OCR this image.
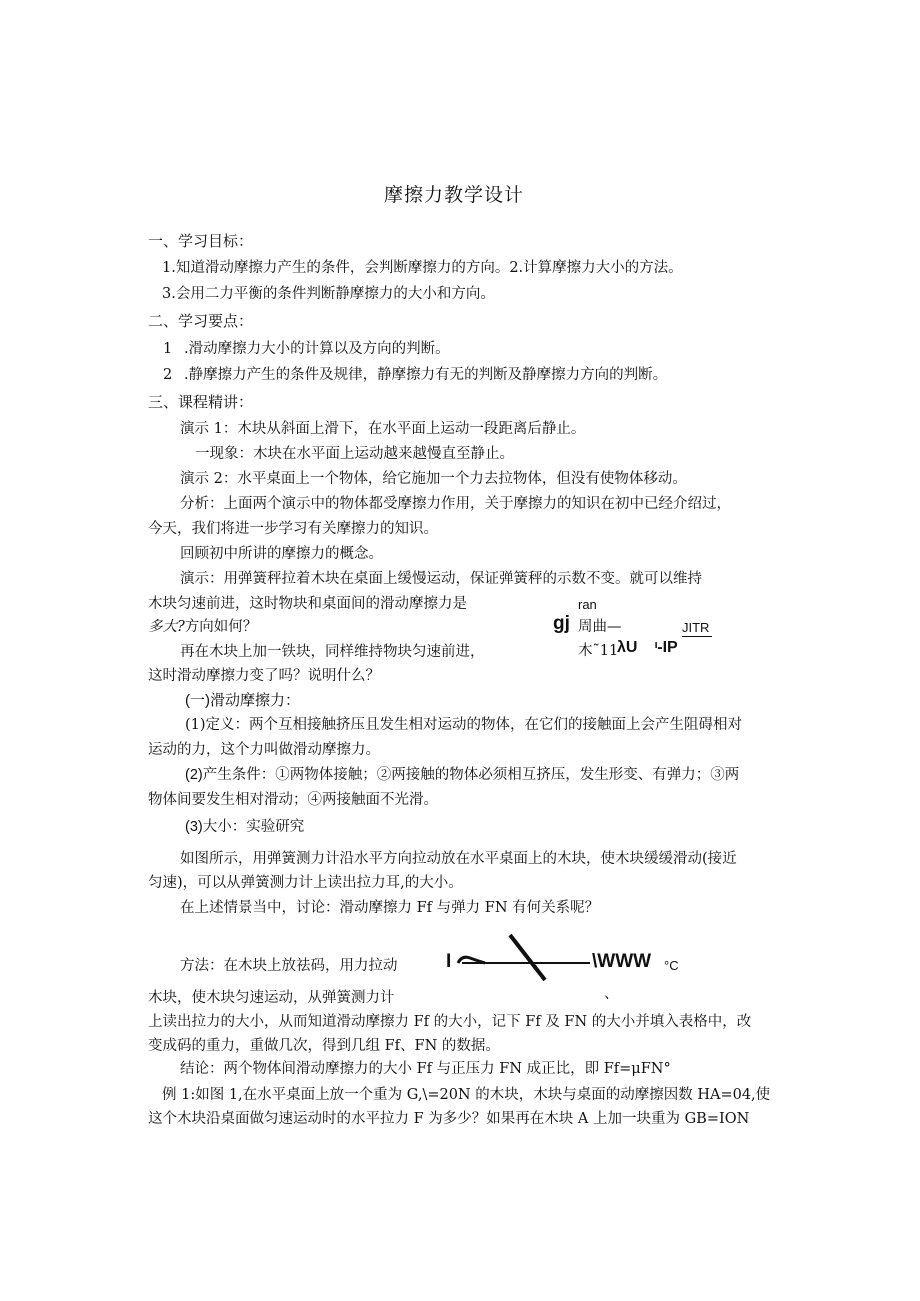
摩擦力教学设计
一、学习目标：
1.知道滑动摩擦力产生的条件，会判断摩擦力的方向。2.计算摩擦力大小的方法。
3.会用二力平衡的条件判断静摩擦力的大小和方向。
二、学习要点：
1 .滑动摩擦力大小的计算以及方向的判断。
2 .静摩擦力产生的条件及规律，静摩擦力有无的判断及静摩擦力方向的判断。
三、课程精讲：
演示 1：木块从斜面上滑下，在水平面上运动一段距离后静止。
一现象：木块在水平面上运动越来越慢直至静止。
演示 2：水平桌面上一个物体，给它施加一个力去拉物体，但没有使物体移动。
分析：上面两个演示中的物体都受摩擦力作用，关于摩擦力的知识在初中已经介绍过，
今天，我们将进一步学习有关摩擦力的知识。
回顾初中所讲的摩擦力的概念。
演示：用弹簧秤拉着木块在桌面上缓慢运动，保证弹簧秤的示数不变。就可以维持
木块匀速前进，这时物块和桌面间的滑动摩擦力是
多大?方向如何？
再在木块上加一铁块，同样维持物块匀速前进，
这时滑动摩擦力变了吗？说明什么？
ran
gj 周曲—	JITR
木˜11
λU ᶦ-IP
(一)滑动摩擦力：
(1)定义：两个互相接触挤压且发生相对运动的物体，在它们的接触面上会产生阻碍相对
运动的力，这个力叫做滑动摩擦力。
(2)产生条件：①两物体接触；②两接触的物体必须相互挤压，发生形变、有弹力；③两
物体间要发生相对滑动；④两接触面不光滑。
(3)大小：实验研究
如图所示，用弹簧测力计沿水平方向拉动放在水平桌面上的木块，使木块缓缓滑动(接近
匀速)，可以从弹簧测力计上读出拉力耳,的大小。
在上述情景当中，讨论：滑动摩擦力 Ff 与弹力 FN 有何关系呢？
I	\WWW °C
、
方法：在木块上放祛码，用力拉动
木块，使木块匀速运动，从弹簧测力计
上读出拉力的大小，从而知道滑动摩擦力 Ff 的大小，记下 Ff 及 FN 的大小并填入表格中，改
变成码的重力，重做几次，得到几组 Ff、FN 的数据。
结论：两个物体间滑动摩擦力的大小 Ff 与正压力 FN 成正比，即 Ff=μFN°
例 1:如图 1,在水平桌面上放一个重为 G,\=20N 的木块，木块与桌面的动摩擦因数 HA=04,使
这个木块沿桌面做匀速运动时的水平拉力 F 为多少？如果再在木块 A 上加一块重为 GB=ION
